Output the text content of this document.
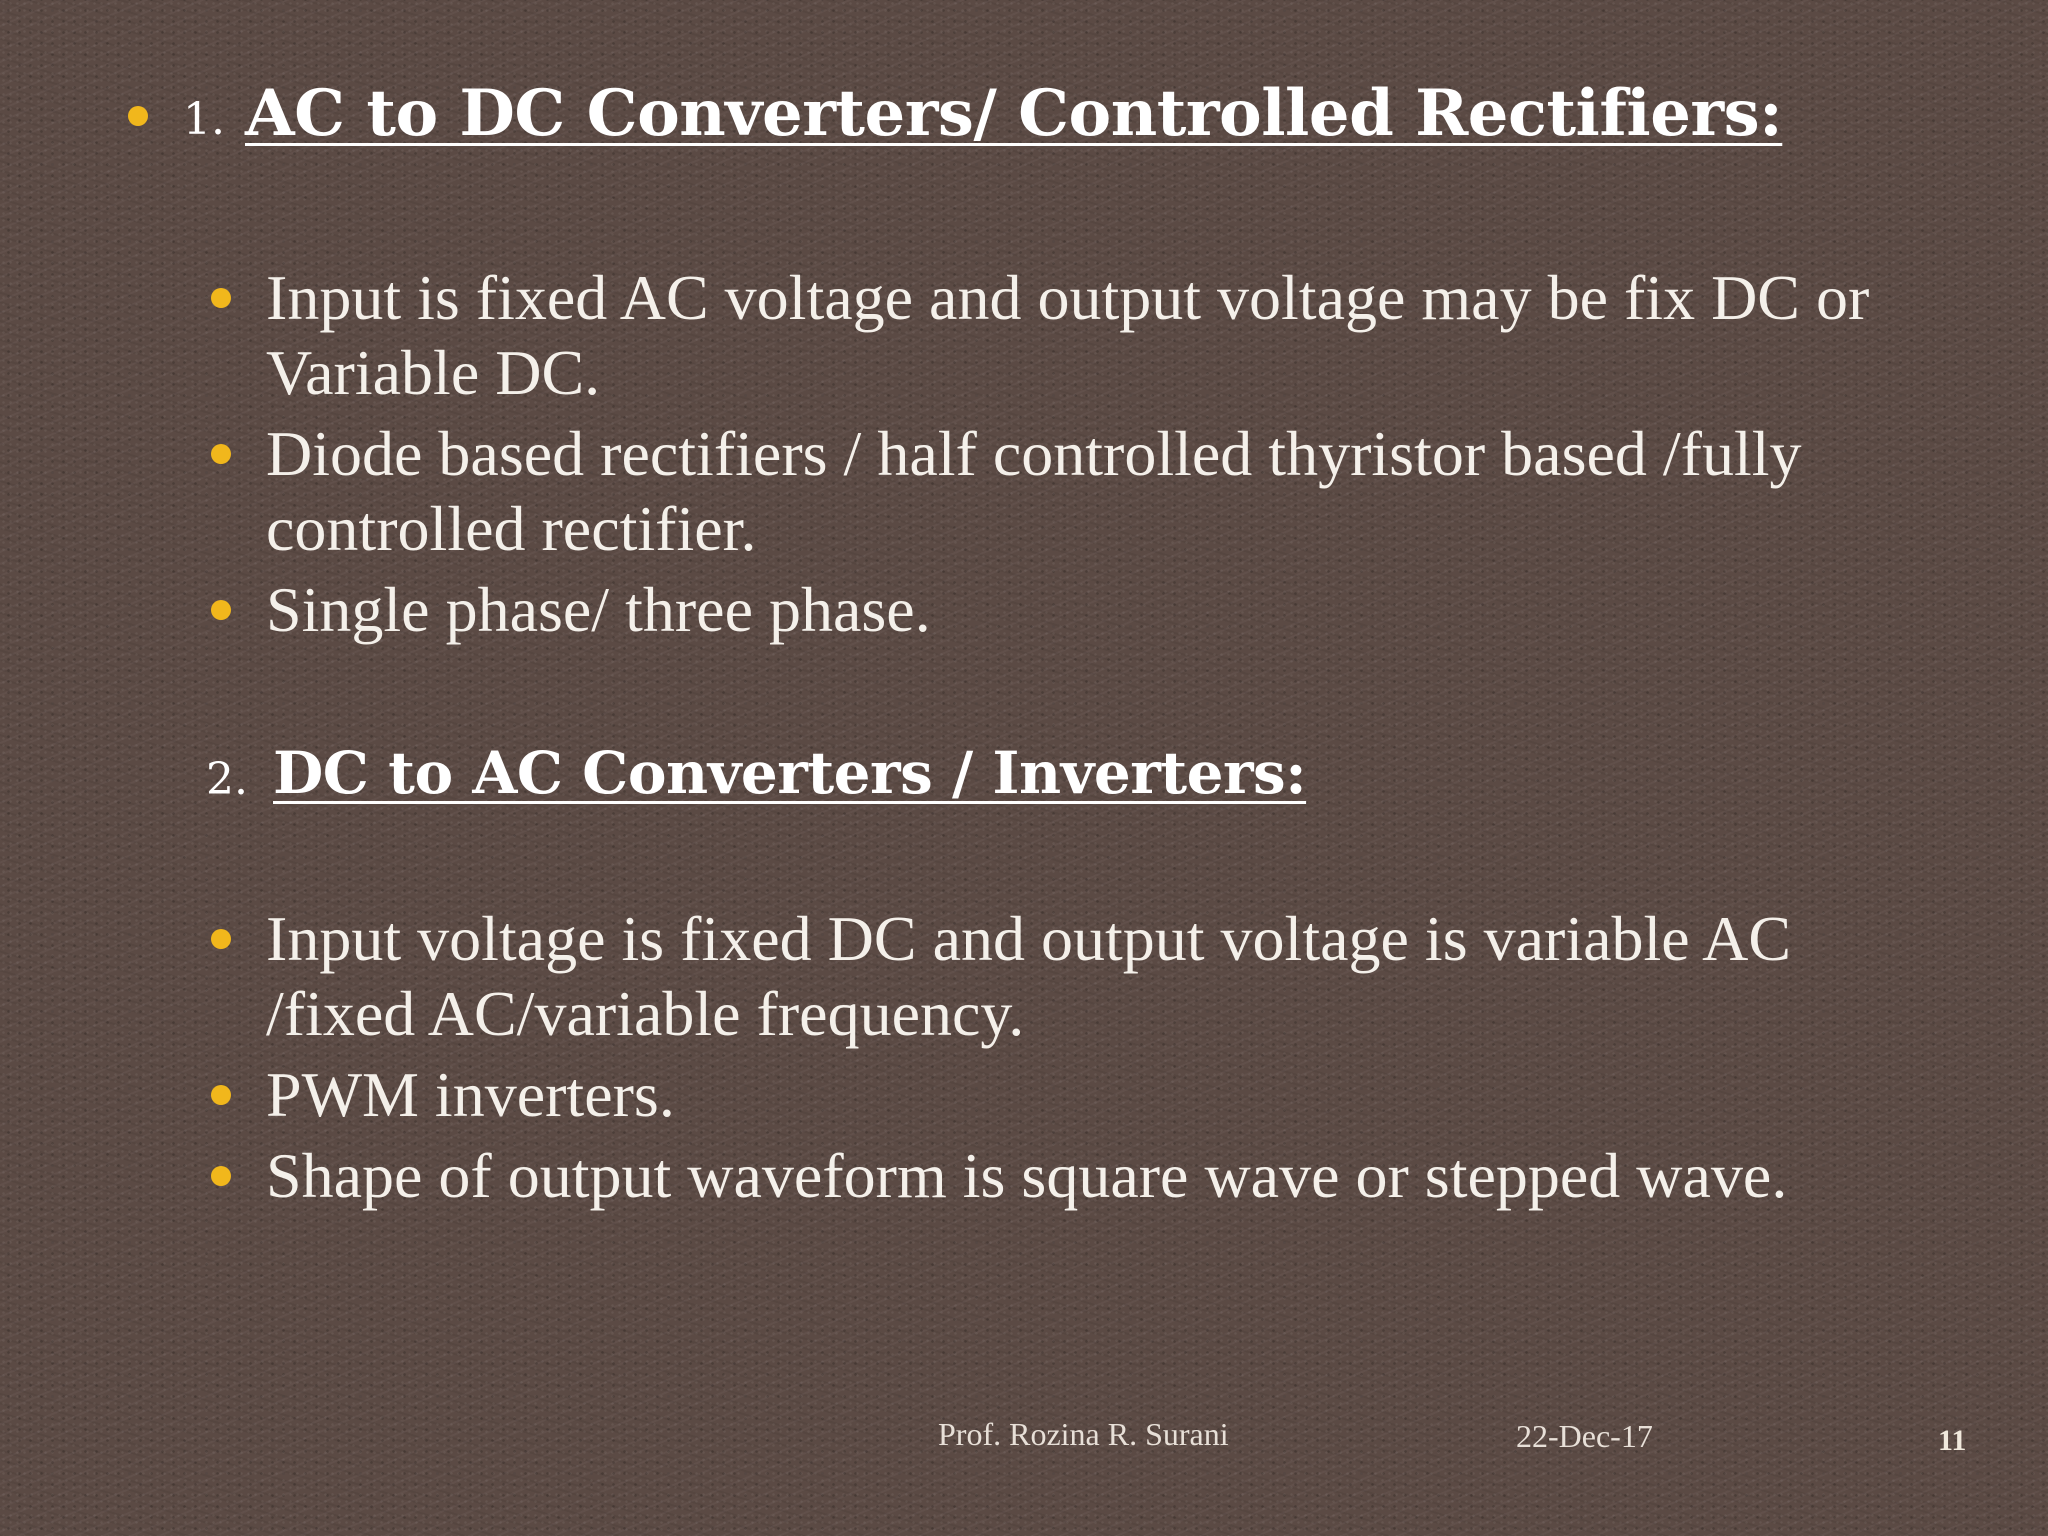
1. AC to DC Converters/ Controlled Rectifiers:
Input is fixed AC voltage and output voltage may be fix DC or Variable DC.
Diode based rectifiers / half controlled thyristor based /fully controlled rectifier.
Single phase/ three phase.
2. DC to AC Converters / Inverters:
Input voltage is fixed DC and output voltage is variable AC /fixed AC/variable frequency.
PWM inverters.
Shape of output waveform is square wave or stepped wave.
Prof. Rozina R. Surani	22-Dec-17	11
